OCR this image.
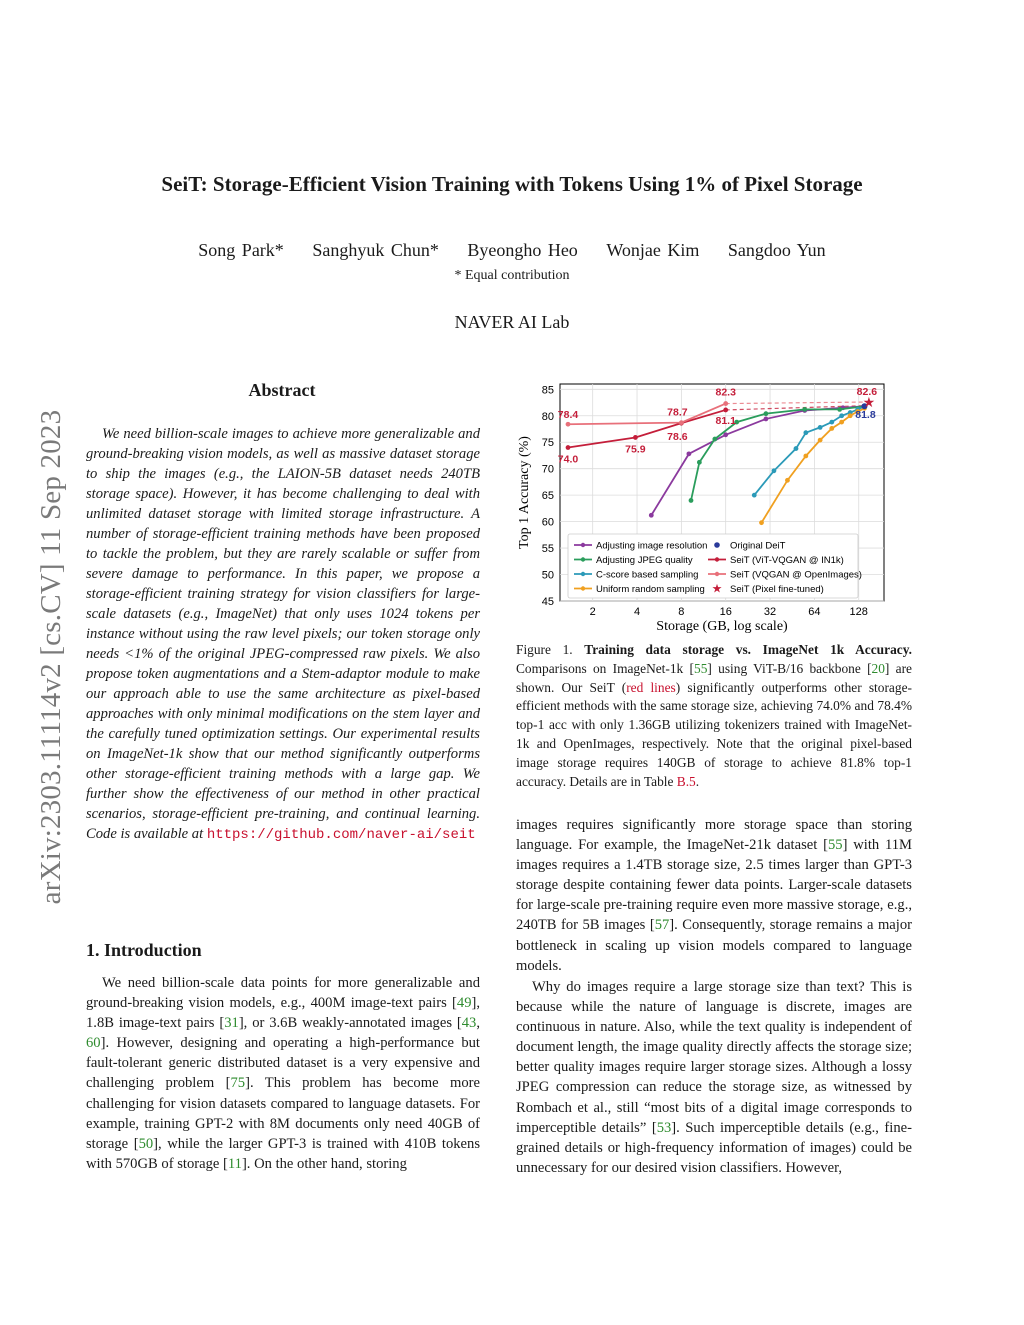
SeiT: Storage-Efficient Vision Training with Tokens Using 1% of Pixel Storage
Song Park* Sanghyuk Chun* Byeongho Heo Wonjae Kim Sangdoo Yun
* Equal contribution
NAVER AI Lab
arXiv:2303.11114v2 [cs.CV] 11 Sep 2023
Abstract
We need billion-scale images to achieve more generalizable and ground-breaking vision models, as well as massive dataset storage to ship the images (e.g., the LAION-5B dataset needs 240TB storage space). However, it has become challenging to deal with unlimited dataset storage with limited storage infrastructure. A number of storage-efficient training methods have been proposed to tackle the problem, but they are rarely scalable or suffer from severe damage to performance. In this paper, we propose a storage-efficient training strategy for vision classifiers for large-scale datasets (e.g., ImageNet) that only uses 1024 tokens per instance without using the raw level pixels; our token storage only needs <1% of the original JPEG-compressed raw pixels. We also propose token augmentations and a Stem-adaptor module to make our approach able to use the same architecture as pixel-based approaches with only minimal modifications on the stem layer and the carefully tuned optimization settings. Our experimental results on ImageNet-1k show that our method significantly outperforms other storage-efficient training methods with a large gap. We further show the effectiveness of our method in other practical scenarios, storage-efficient pre-training, and continual learning. Code is available at https://github.com/naver-ai/seit
1. Introduction
We need billion-scale data points for more generalizable and ground-breaking vision models, e.g., 400M image-text pairs [49], 1.8B image-text pairs [31], or 3.6B weakly-annotated images [43, 60]. However, designing and operating a high-performance but fault-tolerant generic distributed dataset is a very expensive and challenging problem [75]. This problem has become more challenging for vision datasets compared to language datasets. For example, training GPT-2 with 8M documents only need 40GB of storage [50], while the larger GPT-3 is trained with 410B tokens with 570GB of storage [11]. On the other hand, storing
45
50
55
60
65
70
75
80
85
2	4	8	16	32	64	128
Storage (GB, log scale)
Top 1 Accuracy (%)
★
78.4
74.0
75.9
78.7
78.6
82.3
81.1
82.6
81.8
Adjusting image resolution
Adjusting JPEG quality
C-score based sampling
Uniform random sampling
Original DeiT
SeiT (ViT-VQGAN @ IN1k)
SeiT (VQGAN @ OpenImages)
★ SeiT (Pixel fine-tuned)
Figure 1. Training data storage vs. ImageNet 1k Accuracy. Comparisons on ImageNet-1k [55] using ViT-B/16 backbone [20] are shown. Our SeiT (red lines) significantly outperforms other storage-efficient methods with the same storage size, achieving 74.0% and 78.4% top-1 acc with only 1.36GB utilizing tokenizers trained with ImageNet-1k and OpenImages, respectively. Note that the original pixel-based image storage requires 140GB of storage to achieve 81.8% top-1 accuracy. Details are in Table B.5.
images requires significantly more storage space than storing language. For example, the ImageNet-21k dataset [55] with 11M images requires a 1.4TB storage size, 2.5 times larger than GPT-3 storage despite containing fewer data points. Larger-scale datasets for large-scale pre-training require even more massive storage, e.g., 240TB for 5B images [57]. Consequently, storage remains a major bottleneck in scaling up vision models compared to language models.
Why do images require a large storage size than text? This is because while the nature of language is discrete, images are continuous in nature. Also, while the text quality is independent of document length, the image quality directly affects the storage size; better quality images require larger storage sizes. Although a lossy JPEG compression can reduce the storage size, as witnessed by Rombach et al., still “most bits of a digital image corresponds to imperceptible details” [53]. Such imperceptible details (e.g., fine-grained details or high-frequency information of images) could be unnecessary for our desired vision classifiers. However,
